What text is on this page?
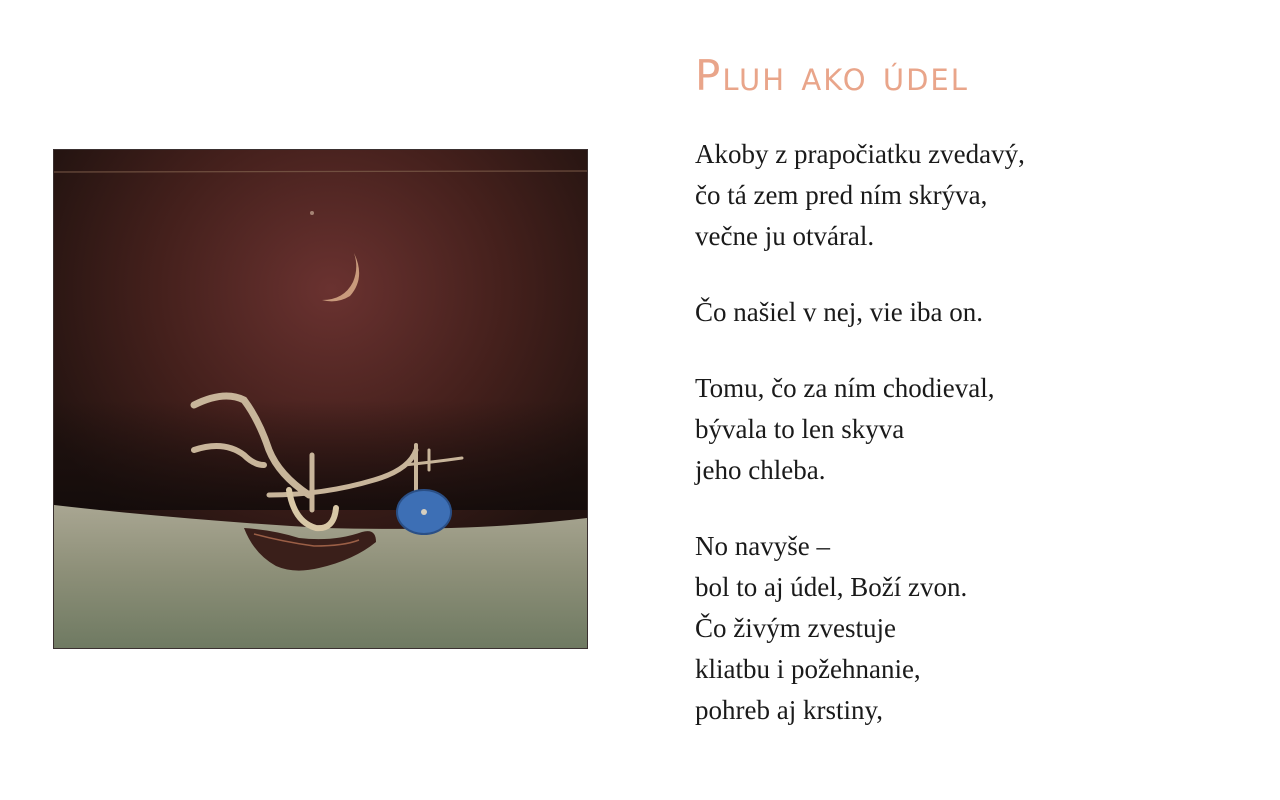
Pluh ako údel
Akoby z prapočiatku zvedavý,
čo tá zem pred ním skrýva,
večne ju otváral.
Čo našiel v nej, vie iba on.
Tomu, čo za ním chodieval,
bývala to len skyva
jeho chleba.
No navyše –
bol to aj údel, Boží zvon.
Čo živým zvestuje
kliatbu i požehnanie,
pohreb aj krstiny,
